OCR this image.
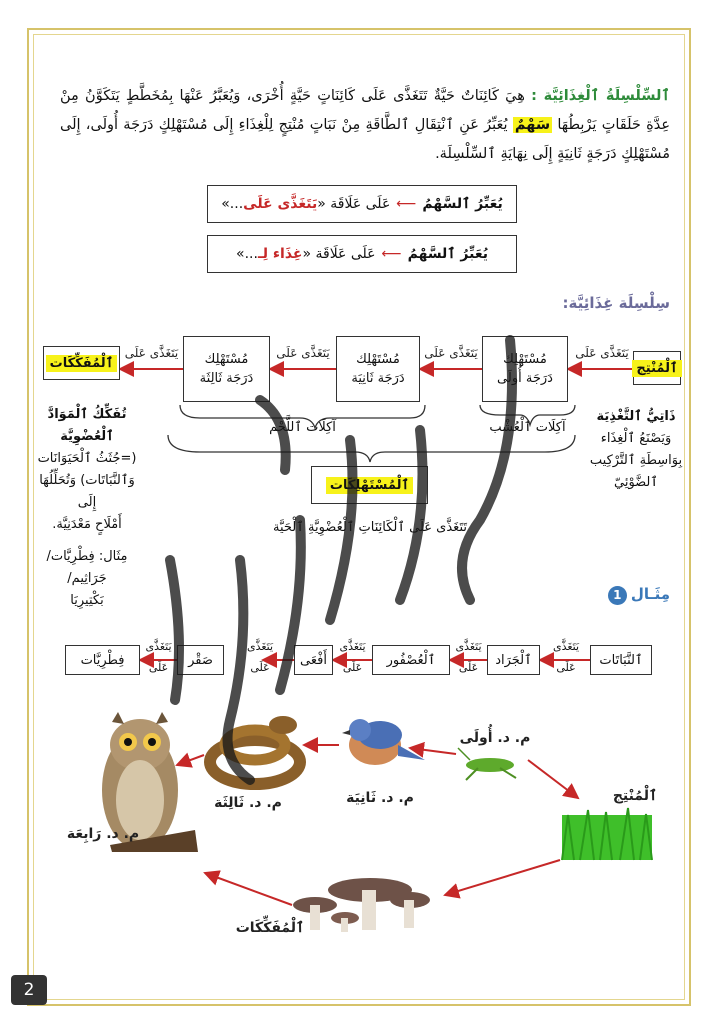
ٱلسِّلْسِلَةُ ٱلْغِذَائِيَّة : هِيَ كَائِنَاتٌ حَيَّةٌ تَتَغَذَّى عَلَى كَائِنَاتٍ حَيَّةٍ أُخْرَى، وَيُعَبَّرُ عَنْهَا بِمُخَطَّطٍ يَتَكَوَّنُ مِنْ عِدَّةِ حَلَقَاتٍ يَرْبِطُهَا سَهْمٌ يُعَبِّرُ عَنِ ٱنْتِقَالِ ٱلطَّاقَةِ مِنْ نَبَاتٍ مُنْتِجٍ لِلْغِذَاءِ إِلَى مُسْتَهْلِكٍ دَرَجَة أُولَى، إِلَى مُسْتَهْلِكٍ دَرَجَةٍ ثَانِيَةٍ إِلَى نِهَايَةِ ٱلسِّلْسِلَة.
يُعَبِّرُ ٱلسَّهْمُ
⟵
عَلَى عَلَاقَة «
يَتَغَذَّى عَلَى
...»
يُعَبِّرُ ٱلسَّهْمُ
⟵
عَلَى عَلَاقَة «
غِذَاء لِـ
...»
سِلْسِلَة غِذَائِيَّة:
ٱلْمُنْتِج
مُسْتَهْلِك
دَرَجَة أُولَى
مُسْتَهْلِك
دَرَجَة ثَانِيَة
مُسْتَهْلِك
دَرَجَة ثَالِثَة
ٱلْمُفَكِّكَات
يَتَغَذَّى عَلَى
يَتَغَذَّى عَلَى
يَتَغَذَّى عَلَى
يَتَغَذَّى عَلَى
آكِلَات ٱلْعُشْب
آكِلَات ٱللَّحْم
ٱلْمُسْتَهْلِكَات
تَتَغَذَّى عَلَى ٱلْكَائِنَاتِ ٱلْعُضْوِيَّةِ ٱلْحَيَّة
ذَاتِيُّ ٱلتَّغْذِيَة
وَيَصْنَعُ ٱلْغِذَاء
بِوَاسِطَةِ ٱلتَّرْكِيب
ٱلضَّوْئِيّ
تُفَكِّكُ ٱلْمَوَادَّ ٱلْعُضْوِيَّة
(=جُثَثُ ٱلْحَيَوَانَات
وَٱلنَّبَاتَات) وَتُحَلِّلُهَا إِلَى
أَمْلَاحٍ مَعْدَنِيَّة.
مِثَال: فِطْرِيَّات/ جَرَاثِيم/
بَكْتِيرِيَا	مِثَـال1
ٱلنَّبَاتَات
ٱلْجَرَاد
ٱلْعُصْفُور
أَفْعَى
صَقْر
فِطْرِيَّات
يَتَغَذَّى
عَلَى
يَتَغَذَّى
عَلَى
يَتَغَذَّى
عَلَى
يَتَغَذَّى
عَلَى
يَتَغَذَّى
عَلَى
ٱلْمُنْتِج
م. د. أُولَى
م. د. ثَانِيَة
م. د. ثَالِثَة
م. د. رَابِعَة
ٱلْمُفَكِّكَات
2
